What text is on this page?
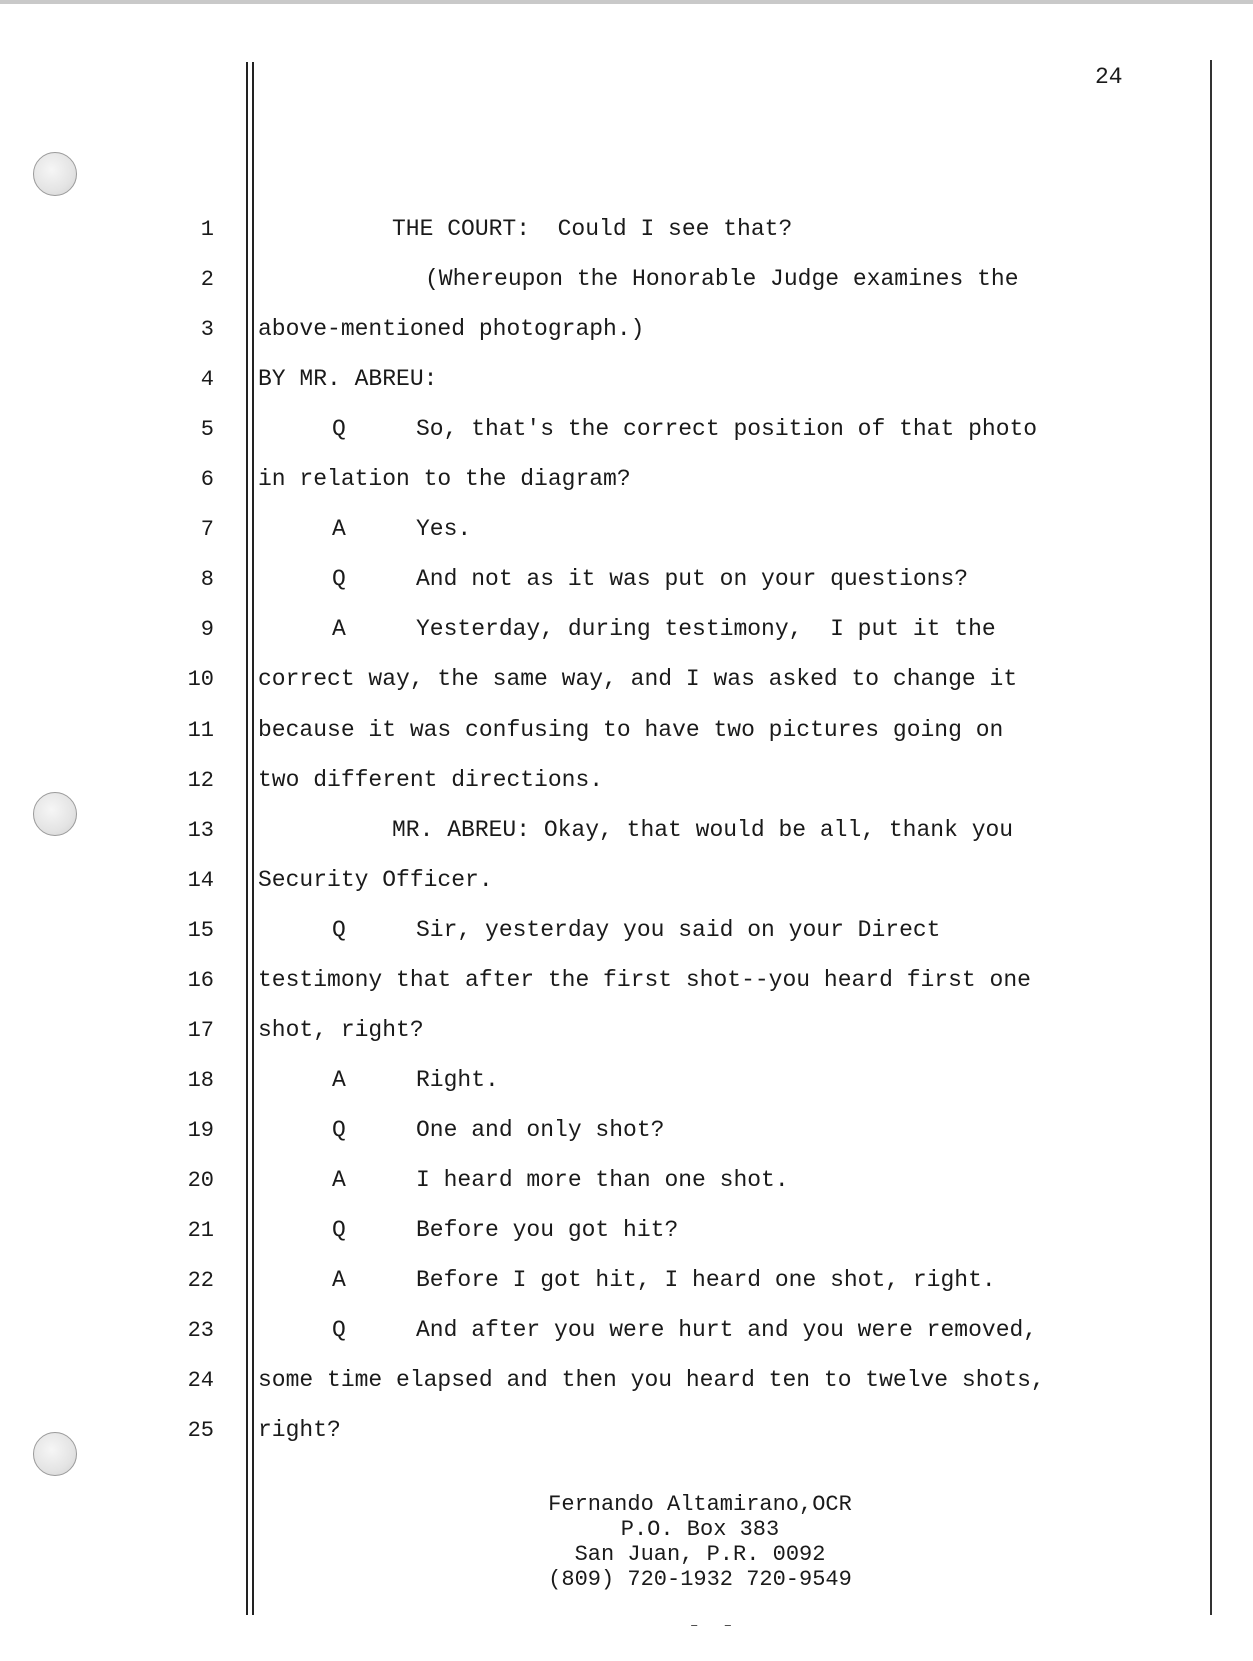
24
1	THE COURT:  Could I see that?
2	(Whereupon the Honorable Judge examines the
3 above-mentioned photograph.)
4 BY MR. ABREU:
5	Q	So, that's the correct position of that photo
6 in relation to the diagram?
7	A	Yes.
8	Q	And not as it was put on your questions?
9	A	Yesterday, during testimony,  I put it the
10 correct way, the same way, and I was asked to change it
11 because it was confusing to have two pictures going on
12 two different directions.
13	MR. ABREU: Okay, that would be all, thank you
14 Security Officer.
15	Q	Sir, yesterday you said on your Direct
16 testimony that after the first shot--you heard first one
17 shot, right?
18	A	Right.
19	Q	One and only shot?
20	A	I heard more than one shot.
21	Q	Before you got hit?
22	A	Before I got hit, I heard one shot, right.
23	Q	And after you were hurt and you were removed,
24 some time elapsed and then you heard ten to twelve shots,
25 right?
Fernando Altamirano,OCR
P.O. Box 383
San Juan, P.R. 0092
(809) 720-1932 720-9549
‒   ‒
